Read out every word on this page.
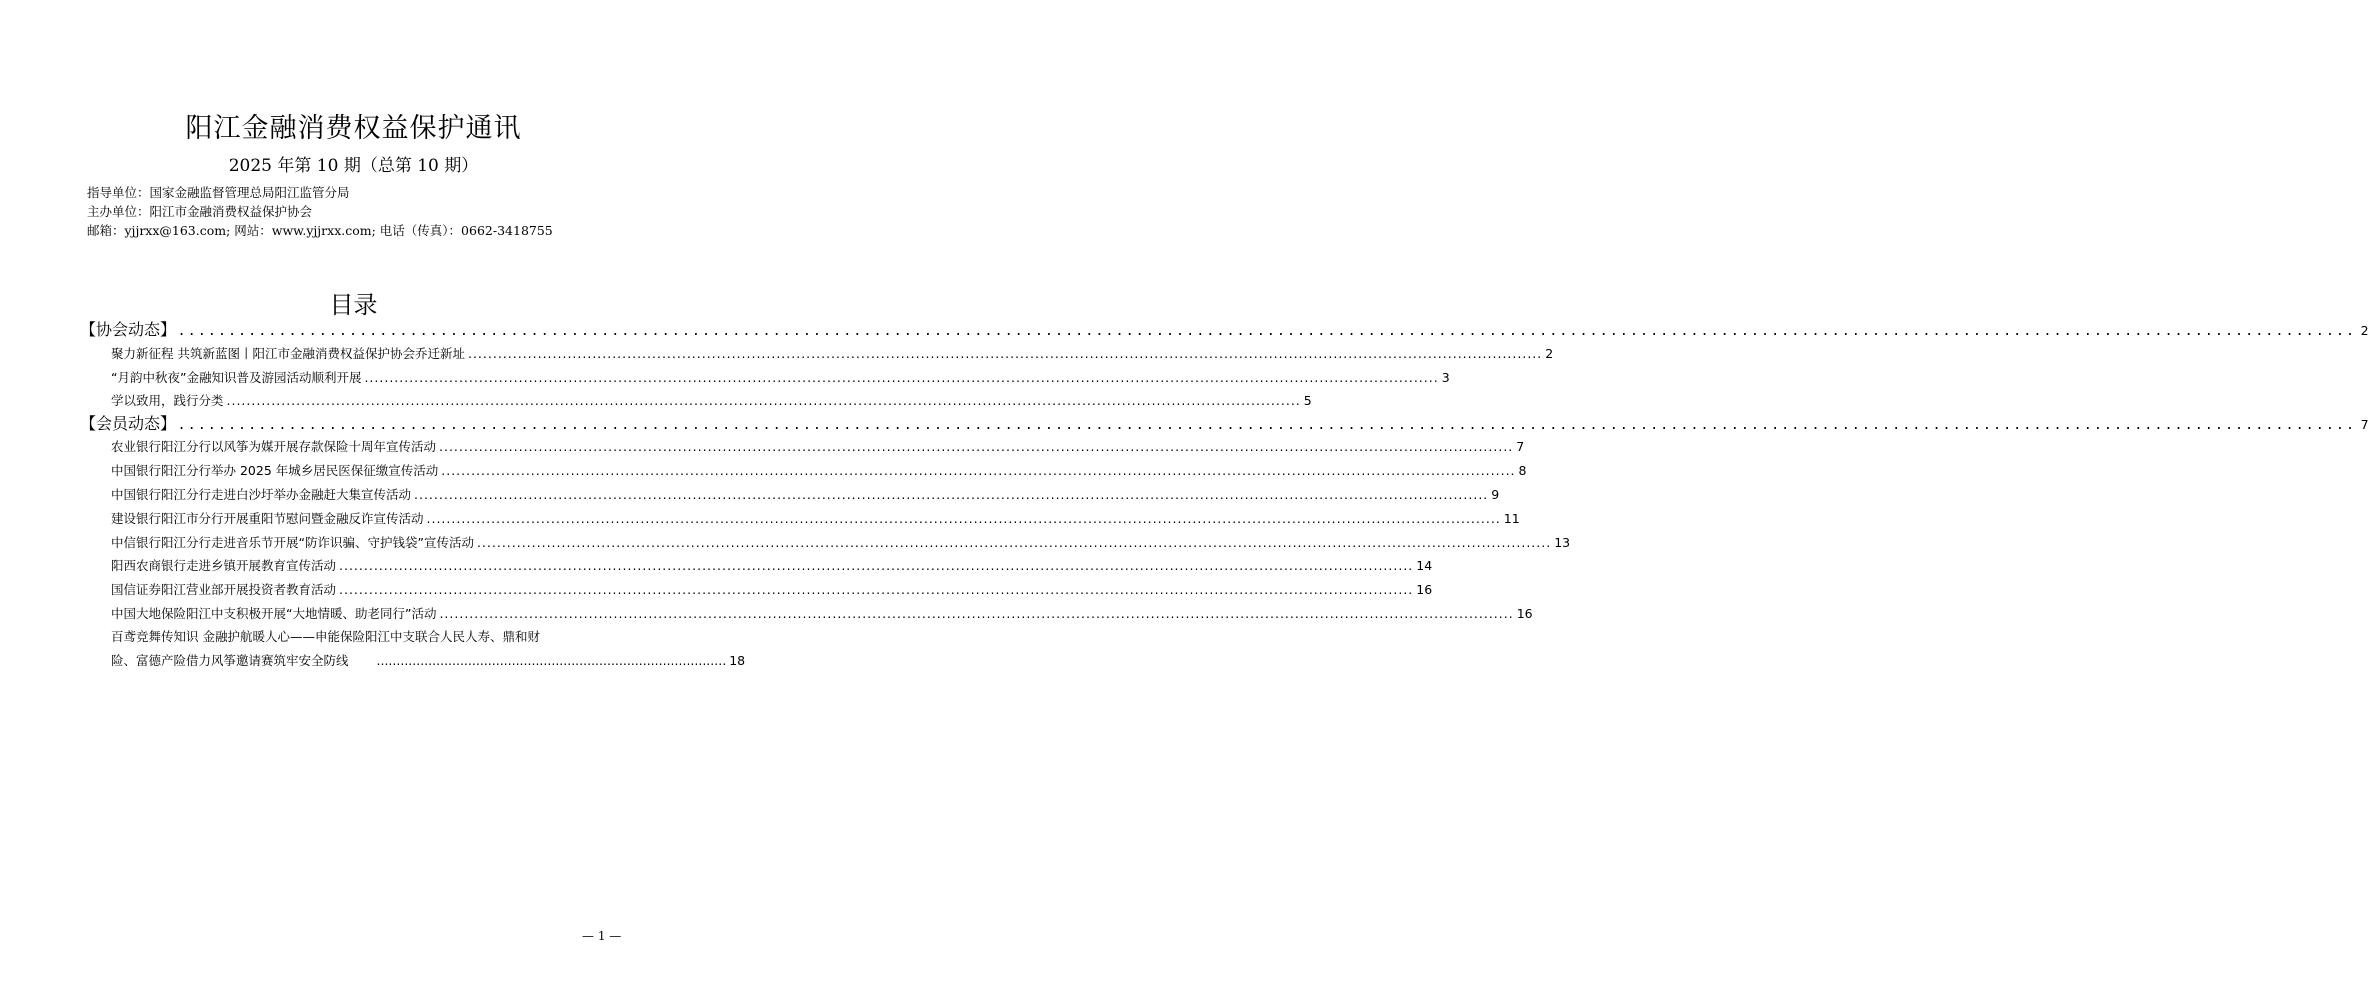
阳江金融消费权益保护通讯
2025 年第 10 期（总第 10 期）
指导单位：国家金融监督管理总局阳江监管分局
主办单位：阳江市金融消费权益保护协会
邮箱：yjjrxx@163.com; 网站：www.yjjrxx.com; 电话（传真）：0662-3418755
目录
【协会动态】 .....	2
聚力新征程 共筑新蓝图丨阳江市金融消费权益保护协会乔迁新址 .....	2
“月韵中秋夜”金融知识普及游园活动顺利开展 .....	3
学以致用，践行分类 .....	5
【会员动态】 .....	7
农业银行阳江分行以风筝为媒开展存款保险十周年宣传活动 .....	7
中国银行阳江分行举办 2025 年城乡居民医保征缴宣传活动 .....	8
中国银行阳江分行走进白沙圩举办金融赶大集宣传活动 .....	9
建设银行阳江市分行开展重阳节慰问暨金融反诈宣传活动 .....	11
中信银行阳江分行走进音乐节开展“防诈识骗、守护钱袋”宣传活动 .....	13
阳西农商银行走进乡镇开展教育宣传活动 .....	14
国信证券阳江营业部开展投资者教育活动 .....	16
中国大地保险阳江中支积极开展“大地情暖、助老同行”活动 .....	16
百鸢竞舞传知识 金融护航暖人心——申能保险阳江中支联合人民人寿、鼎和财
险、富德产险借力风筝邀请赛筑牢安全防线 ........................................................................................ 18
— 1 —
